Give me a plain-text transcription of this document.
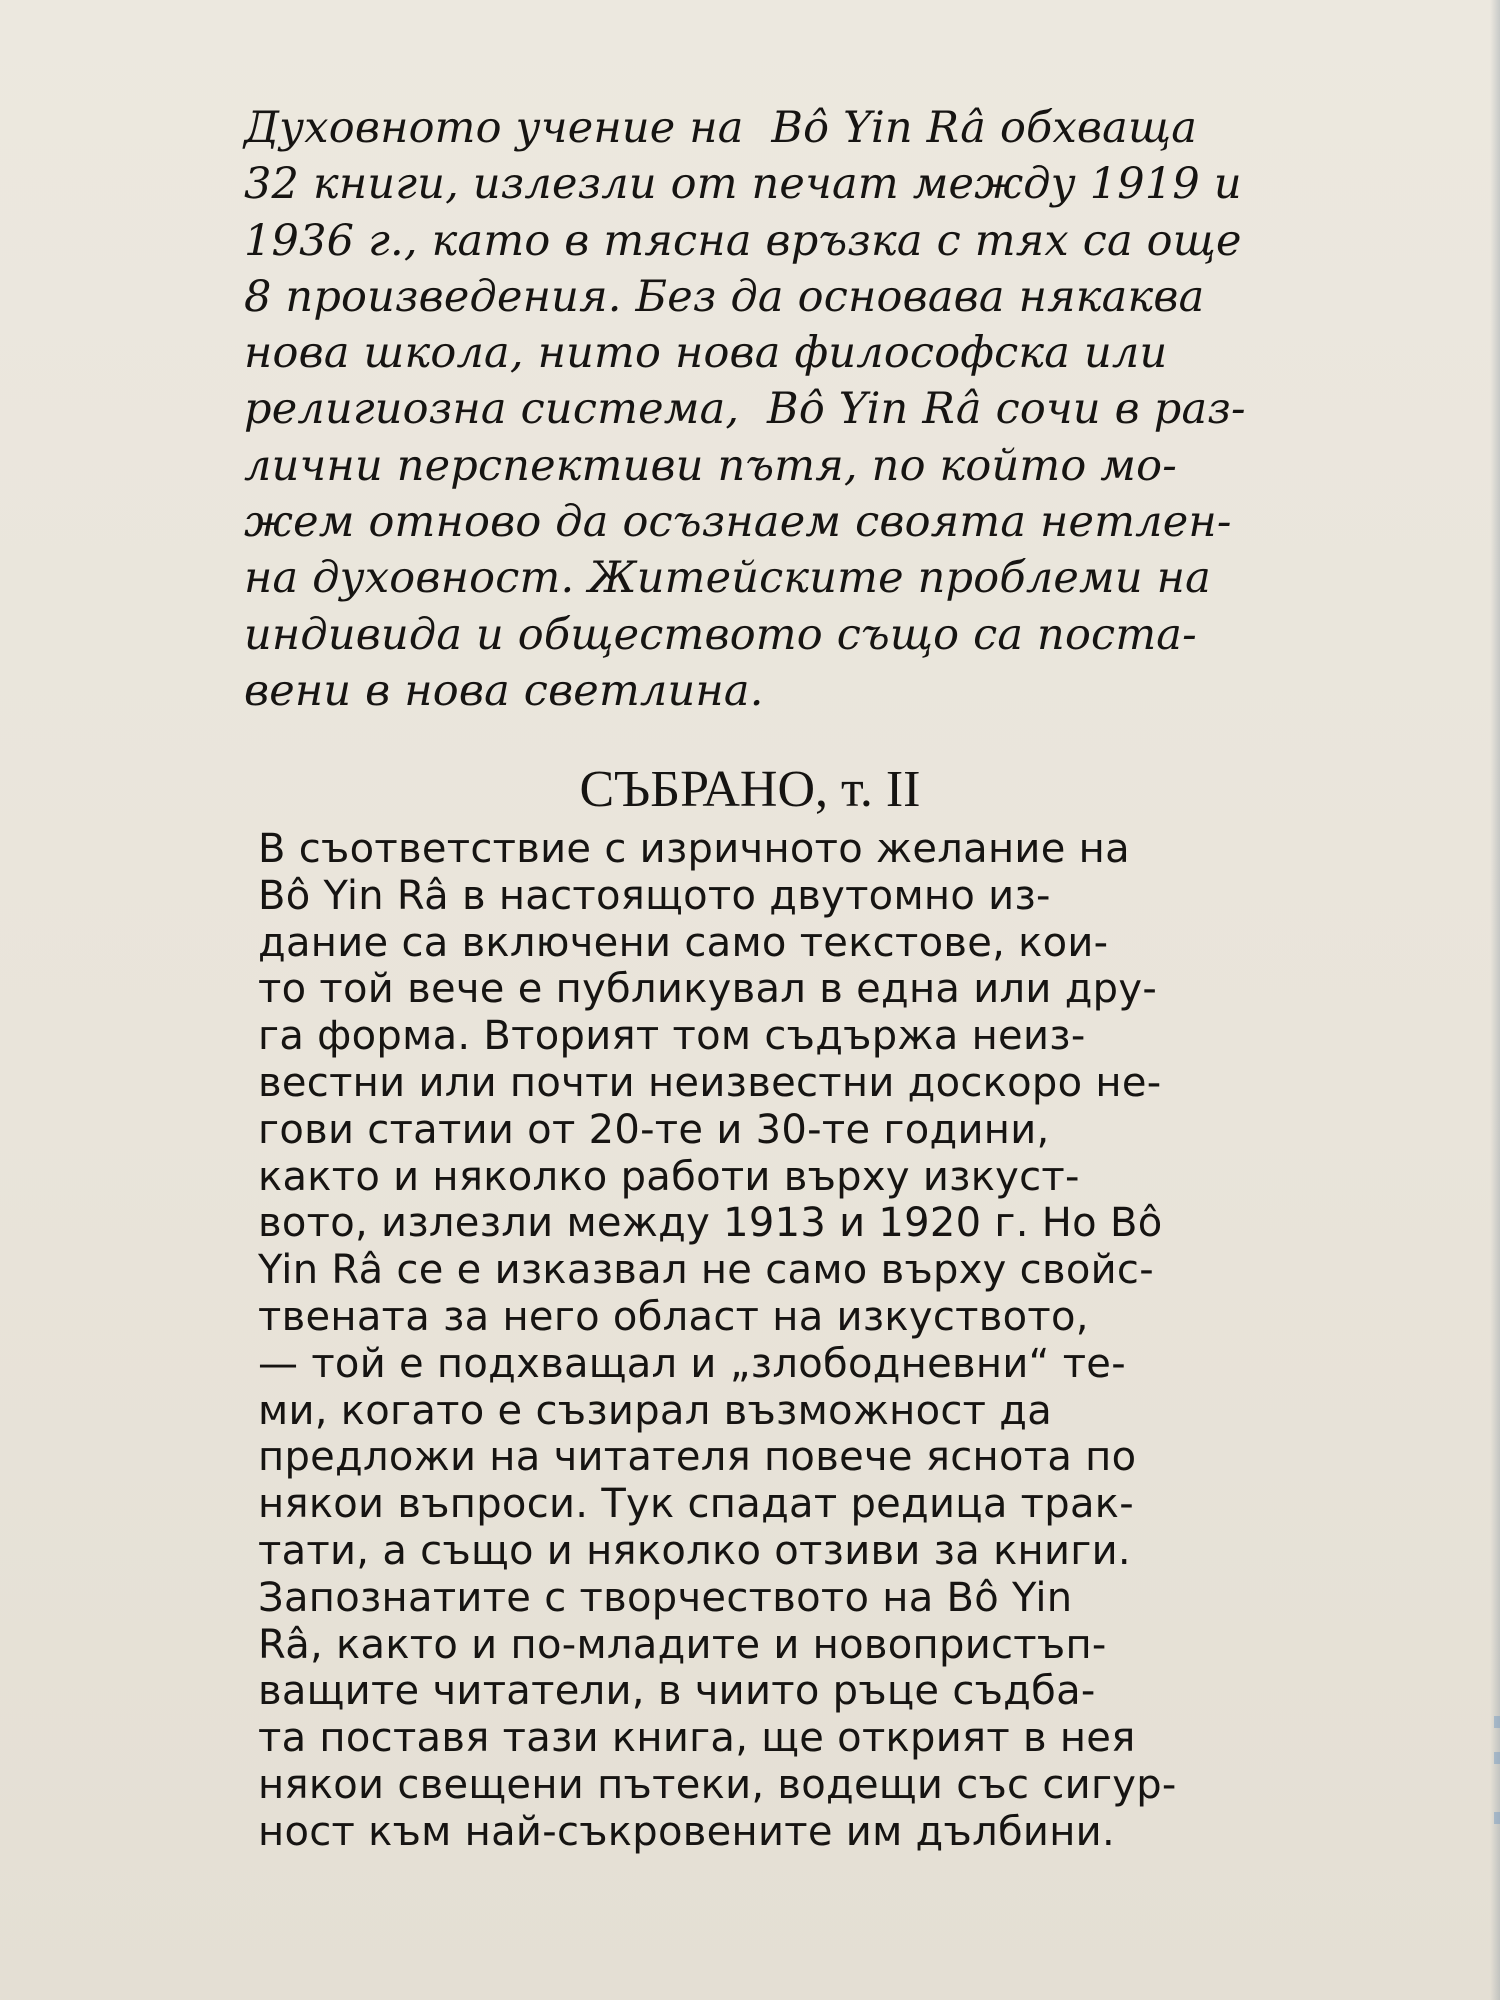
Духовното учение на  Bô Yin Râ обхваща
32 книги, излезли от печат между 1919 и
1936 г., като в тясна връзка с тях са още
8 произведения. Без да основава някаква
нова школа, нито нова философска или
религиозна система,  Bô Yin Râ сочи в раз-
лични перспективи пътя, по който мо-
жем отново да осъзнаем своята нетлен-
на духовност. Житейските проблеми на
индивида и обществото също са поста-
вени в нова светлина.

СЪБРАНО, т. II

В съответствие с изричното желание на
Bô Yin Râ в настоящото двутомно из-
дание са включени само текстове, кои-
то той вече е публикувал в една или дру-
га форма. Вторият том съдържа неиз-
вестни или почти неизвестни доскоро не-
гови статии от 20-те и 30-те години,
както и няколко работи върху изкуст-
вото, излезли между 1913 и 1920 г. Но Bô
Yin Râ се е изказвал не само върху свойс-
твената за него област на изкуството,
— той е подхващал и „злободневни“ те-
ми, когато е съзирал възможност да
предложи на читателя повече яснота по
някои въпроси. Тук спадат редица трак-
тати, а също и няколко отзиви за книги.
Запознатите с творчеството на Bô Yin
Râ, както и по-младите и новопристъп-
ващите читатели, в чиито ръце съдба-
та поставя тази книга, ще открият в нея
някои свещени пътеки, водещи със сигур-
ност към най-съкровените им дълбини.
